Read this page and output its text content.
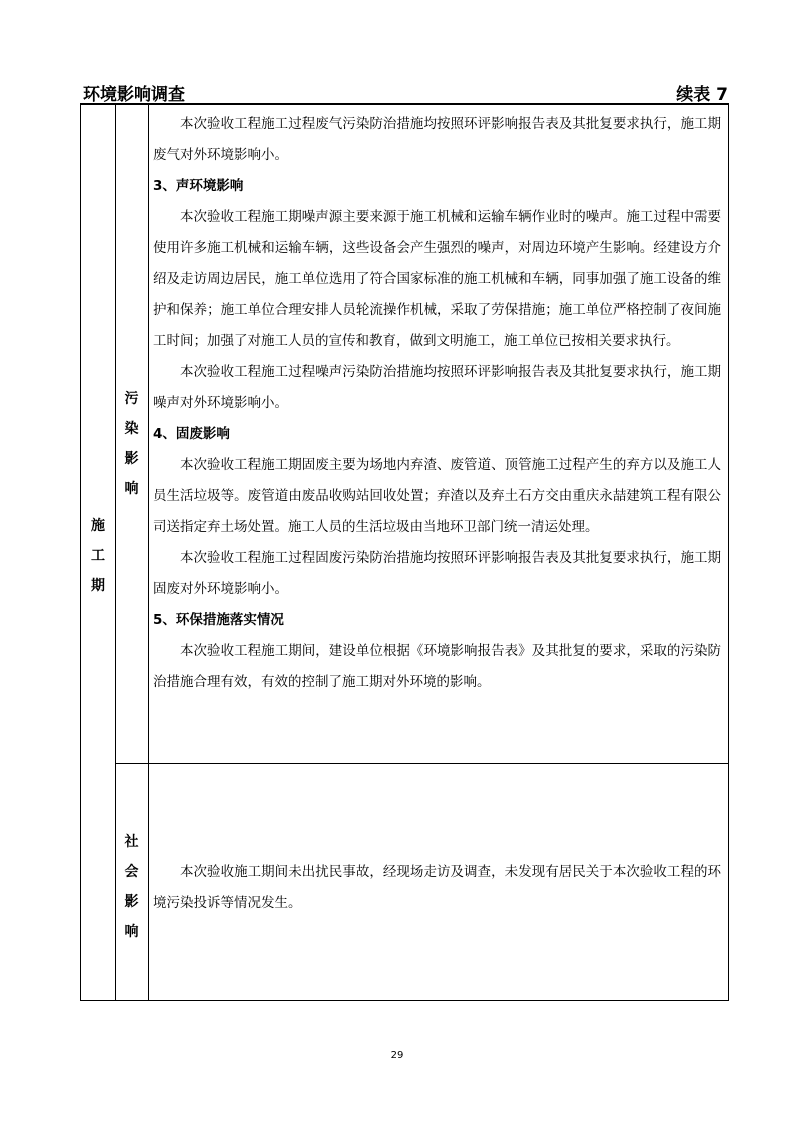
环境影响调查	续表 7
施
工
期
污
染
影
响
社
会
影
响

本次验收工程施工过程废气污染防治措施均按照环评影响报告表及其批复要求执行，施工期废气对外环境影响小。

3、声环境影响

本次验收工程施工期噪声源主要来源于施工机械和运输车辆作业时的噪声。施工过程中需要使用许多施工机械和运输车辆，这些设备会产生强烈的噪声，对周边环境产生影响。经建设方介绍及走访周边居民，施工单位选用了符合国家标准的施工机械和车辆，同事加强了施工设备的维护和保养；施工单位合理安排人员轮流操作机械，采取了劳保措施；施工单位严格控制了夜间施工时间；加强了对施工人员的宣传和教育，做到文明施工，施工单位已按相关要求执行。

本次验收工程施工过程噪声污染防治措施均按照环评影响报告表及其批复要求执行，施工期噪声对外环境影响小。

4、固废影响

本次验收工程施工期固废主要为场地内弃渣、废管道、顶管施工过程产生的弃方以及施工人员生活垃圾等。废管道由废品收购站回收处置；弃渣以及弃土石方交由重庆永喆建筑工程有限公司送指定弃土场处置。施工人员的生活垃圾由当地环卫部门统一清运处理。

本次验收工程施工过程固废污染防治措施均按照环评影响报告表及其批复要求执行，施工期固废对外环境影响小。

5、环保措施落实情况

本次验收工程施工期间，建设单位根据《环境影响报告表》及其批复的要求，采取的污染防治措施合理有效，有效的控制了施工期对外环境的影响。

本次验收施工期间未出扰民事故，经现场走访及调查，未发现有居民关于本次验收工程的环境污染投诉等情况发生。

29
